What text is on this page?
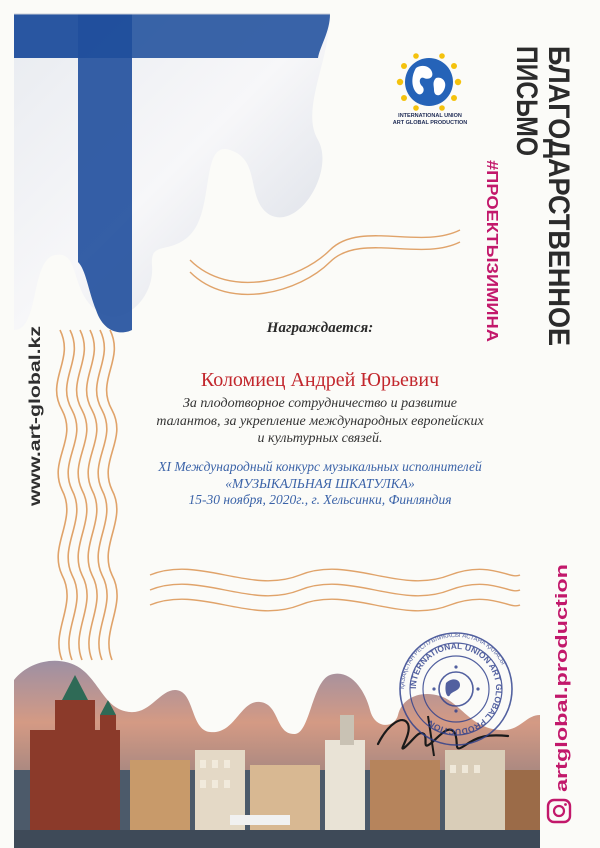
INTERNATIONAL UNION
ART GLOBAL PRODUCTION	БЛАГОДАРСТВЕННОЕ
ПИСЬМО
#ПРОЕКТЫЗИМИНА
www.art-global.kz
artglobal.production
Награждается:
Коломиец Андрей Юрьевич
За плодотворное сотрудничество и развитие
талантов, за укрепление международных европейских
и культурных связей.
XI Международный конкурс музыкальных исполнителей
«МУЗЫКАЛЬНАЯ ШКАТУЛКА»
15-30 ноября, 2020г., г. Хельсинки, Финляндия
INTERNATIONAL UNION ART GLOBAL PRODUCTION
ҚАЗАҚСТАН РЕСПУБЛИКАСЫ АСТАНА ҚАЛАСЫ
